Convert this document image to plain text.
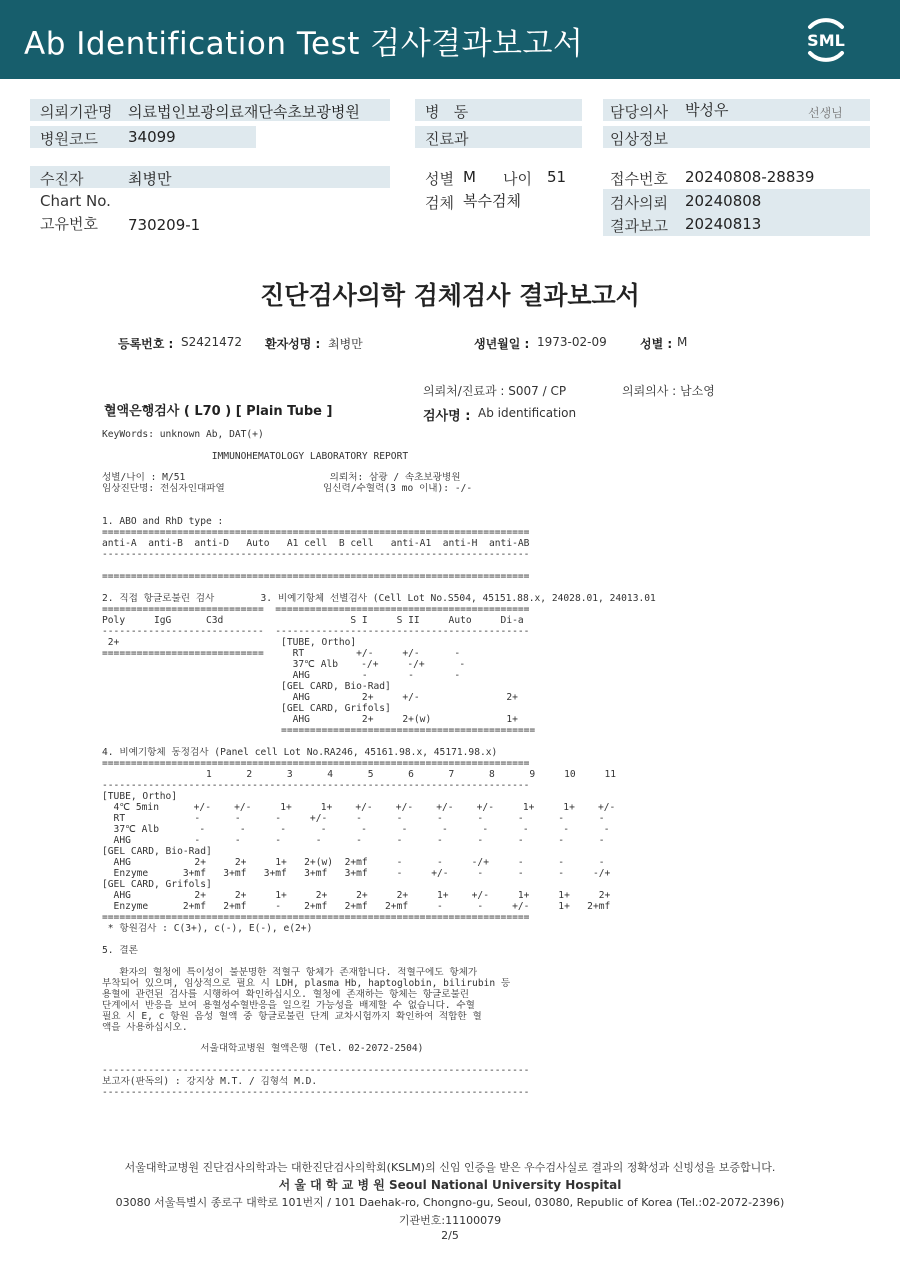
Ab Identification Test 검사결과보고서	SML
의뢰기관명 의료법인보광의료재단속초보광병원
병원코드 34099
수진자	최병만
Chart No.
고유번호 730209-1
병   동
진료과
성별 M 나이 51
검체 복수검체
담당의사 박성우	선생님
임상정보
접수번호 20240808-28839
검사의뢰 20240808
결과보고 20240813
진단검사의학 검체검사 결과보고서
등록번호 : S2421472 환자성명 : 최병만	생년월일 : 1973-02-09	성별 : M
의뢰처/진료과 : S007 / CP	의뢰의사 : 남소영
혈액은행검사 ( L70 ) [ Plain Tube ]	검사명 : Ab identification
KeyWords: unknown Ab, DAT(+)
IMMUNOHEMATOLOGY LABORATORY REPORT
성별/나이 : M/51                         의뢰처: 삼광 / 속초보광병원
임상진단명: 전심자인대파열                 임신력/수혈력(3 mo 이내): -/-
1. ABO and RhD type :
==========================================================================
anti-A  anti-B  anti-D   Auto   A1 cell  B cell   anti-A1  anti-H  anti-AB
--------------------------------------------------------------------------
==========================================================================
2. 직접 항글로불린 검사        3. 비예기항체 선별검사 (Cell Lot No.S504, 45151.88.x, 24028.01, 24013.01
============================  ============================================
Poly     IgG      C3d                      S I     S II     Auto     Di-a
----------------------------  --------------------------------------------
2+                            [TUBE, Ortho]
============================     RT         +/-     +/-      -
37℃ Alb    -/+     -/+      -
AHG         -       -       -
[GEL CARD, Bio-Rad]
AHG         2+     +/-               2+
[GEL CARD, Grifols]
AHG         2+     2+(w)             1+
============================================
4. 비예기항체 동정검사 (Panel cell Lot No.RA246, 45161.98.x, 45171.98.x)
==========================================================================
1      2      3      4      5      6      7      8      9     10     11
--------------------------------------------------------------------------
[TUBE, Ortho]
4℃ 5min      +/-    +/-     1+     1+    +/-    +/-    +/-    +/-     1+     1+    +/-
RT            -      -      -     +/-     -      -      -      -      -      -      -
37℃ Alb       -      -      -      -      -      -      -      -      -      -      -
AHG           -      -      -      -      -      -      -      -      -      -      -
[GEL CARD, Bio-Rad]
AHG           2+     2+     1+   2+(w)  2+mf     -      -     -/+     -      -      -
Enzyme      3+mf   3+mf   3+mf   3+mf   3+mf     -     +/-     -      -      -     -/+
[GEL CARD, Grifols]
AHG           2+     2+     1+     2+     2+     2+     1+    +/-     1+     1+     2+
Enzyme      2+mf   2+mf     -    2+mf   2+mf   2+mf     -      -     +/-     1+   2+mf
==========================================================================
* 항원검사 : C(3+), c(-), E(-), e(2+)
5. 결론
환자의 혈청에 특이성이 불분명한 적혈구 항체가 존재합니다. 적혈구에도 항체가
부착되어 있으며, 임상적으로 필요 시 LDH, plasma Hb, haptoglobin, bilirubin 등
용혈에 관련된 검사를 시행하여 확인하십시오. 혈청에 존재하는 항체는 항글로불린
단계에서 반응을 보여 용혈성수혈반응을 일으킬 가능성을 배제할 수 없습니다. 수혈
필요 시 E, c 항원 음성 혈액 중 항글로불린 단계 교차시험까지 확인하여 적합한 혈
액을 사용하십시오.
서울대학교병원 혈액은행 (Tel. 02-2072-2504)
--------------------------------------------------------------------------
보고자(판독의) : 강지상 M.T. / 김형석 M.D.
--------------------------------------------------------------------------
서울대학교병원 진단검사의학과는 대한진단검사의학회(KSLM)의 신임 인증을 받은 우수검사실로 결과의 정확성과 신빙성을 보증합니다.
서 울 대 학 교 병 원 Seoul National University Hospital
03080 서울특별시 종로구 대학로 101번지 / 101 Daehak-ro, Chongno-gu, Seoul, 03080, Republic of Korea (Tel.:02-2072-2396)
기관번호:11100079
2/5
